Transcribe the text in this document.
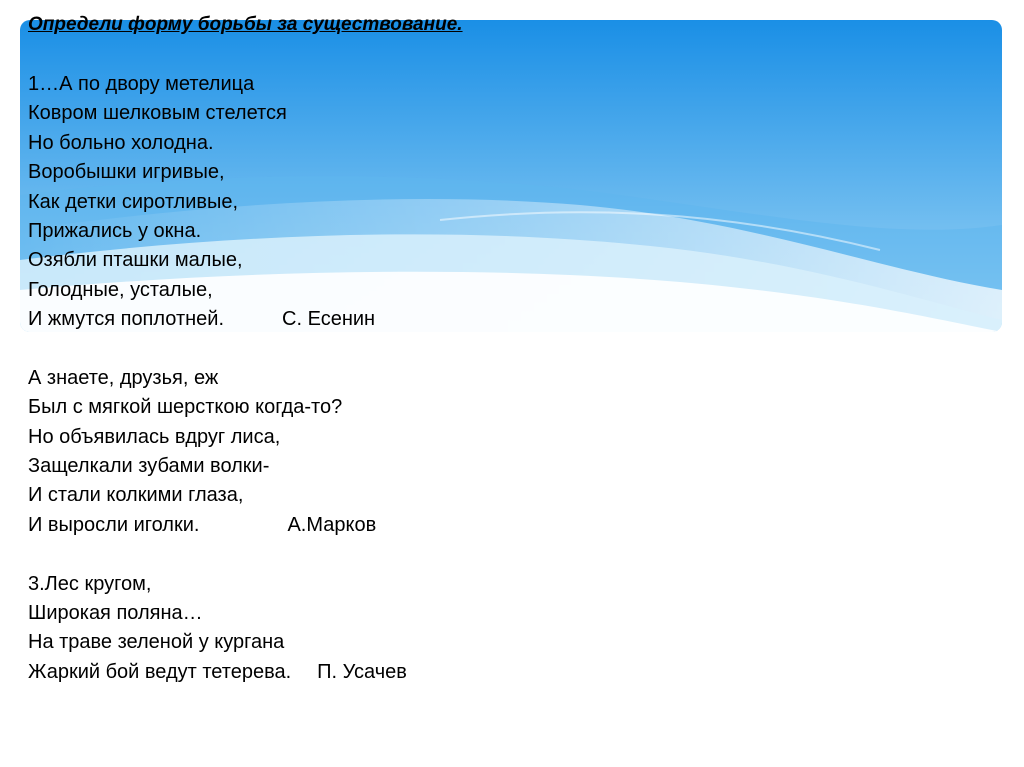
Определи форму борьбы за существование.
1…А по двору метелица
Ковром шелковым стелется
Но больно холодна.
Воробышки игривые,
Как детки сиротливые,
Прижались у окна.
Озябли пташки малые,
Голодные, усталые,
И жмутся поплотней.	С. Есенин
А знаете, друзья, еж
Был с мягкой шерсткою когда-то?
Но объявилась вдруг лиса,
Защелкали зубами волки-
И стали колкими глаза,
И выросли иголки.	А.Марков
3.Лес кругом,
Широкая поляна…
На траве зеленой у кургана
Жаркий бой ведут тетерева. П. Усачев
